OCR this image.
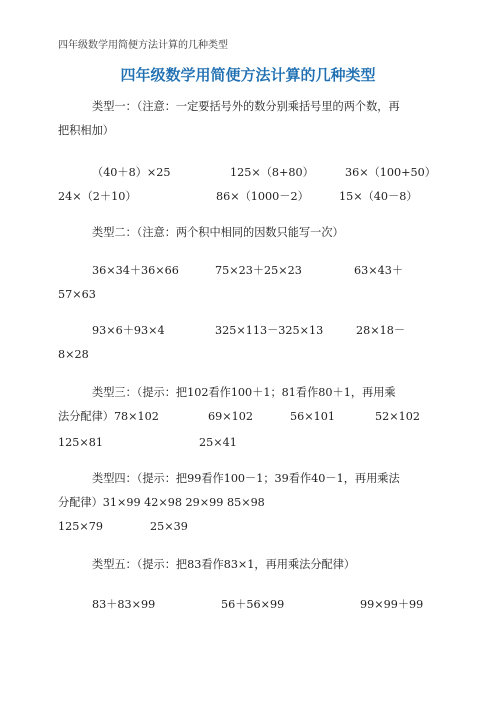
四年级数学用简便方法计算的几种类型
四年级数学用简便方法计算的几种类型
类型一：（注意：一定要括号外的数分别乘括号里的两个数，再
把积相加）
（40＋8）×25	125×（8+80）	36×（100+50）
24×（2＋10）	86×（1000－2）	15×（40－8）
类型二：（注意：两个积中相同的因数只能写一次）
36×34＋36×66	75×23＋25×23	63×43＋
57×63
93×6＋93×4	325×113－325×13	28×18－
8×28
类型三：（提示：把102看作100＋1；81看作80＋1，再用乘
法分配律）78×102	69×102	56×101	52×102
125×81	25×41
类型四：（提示：把99看作100－1；39看作40－1，再用乘法
分配律）31×99 42×98 29×99 85×98
125×79	25×39
类型五：（提示：把83看作83×1，再用乘法分配律）
83＋83×99	56＋56×99	99×99＋99
